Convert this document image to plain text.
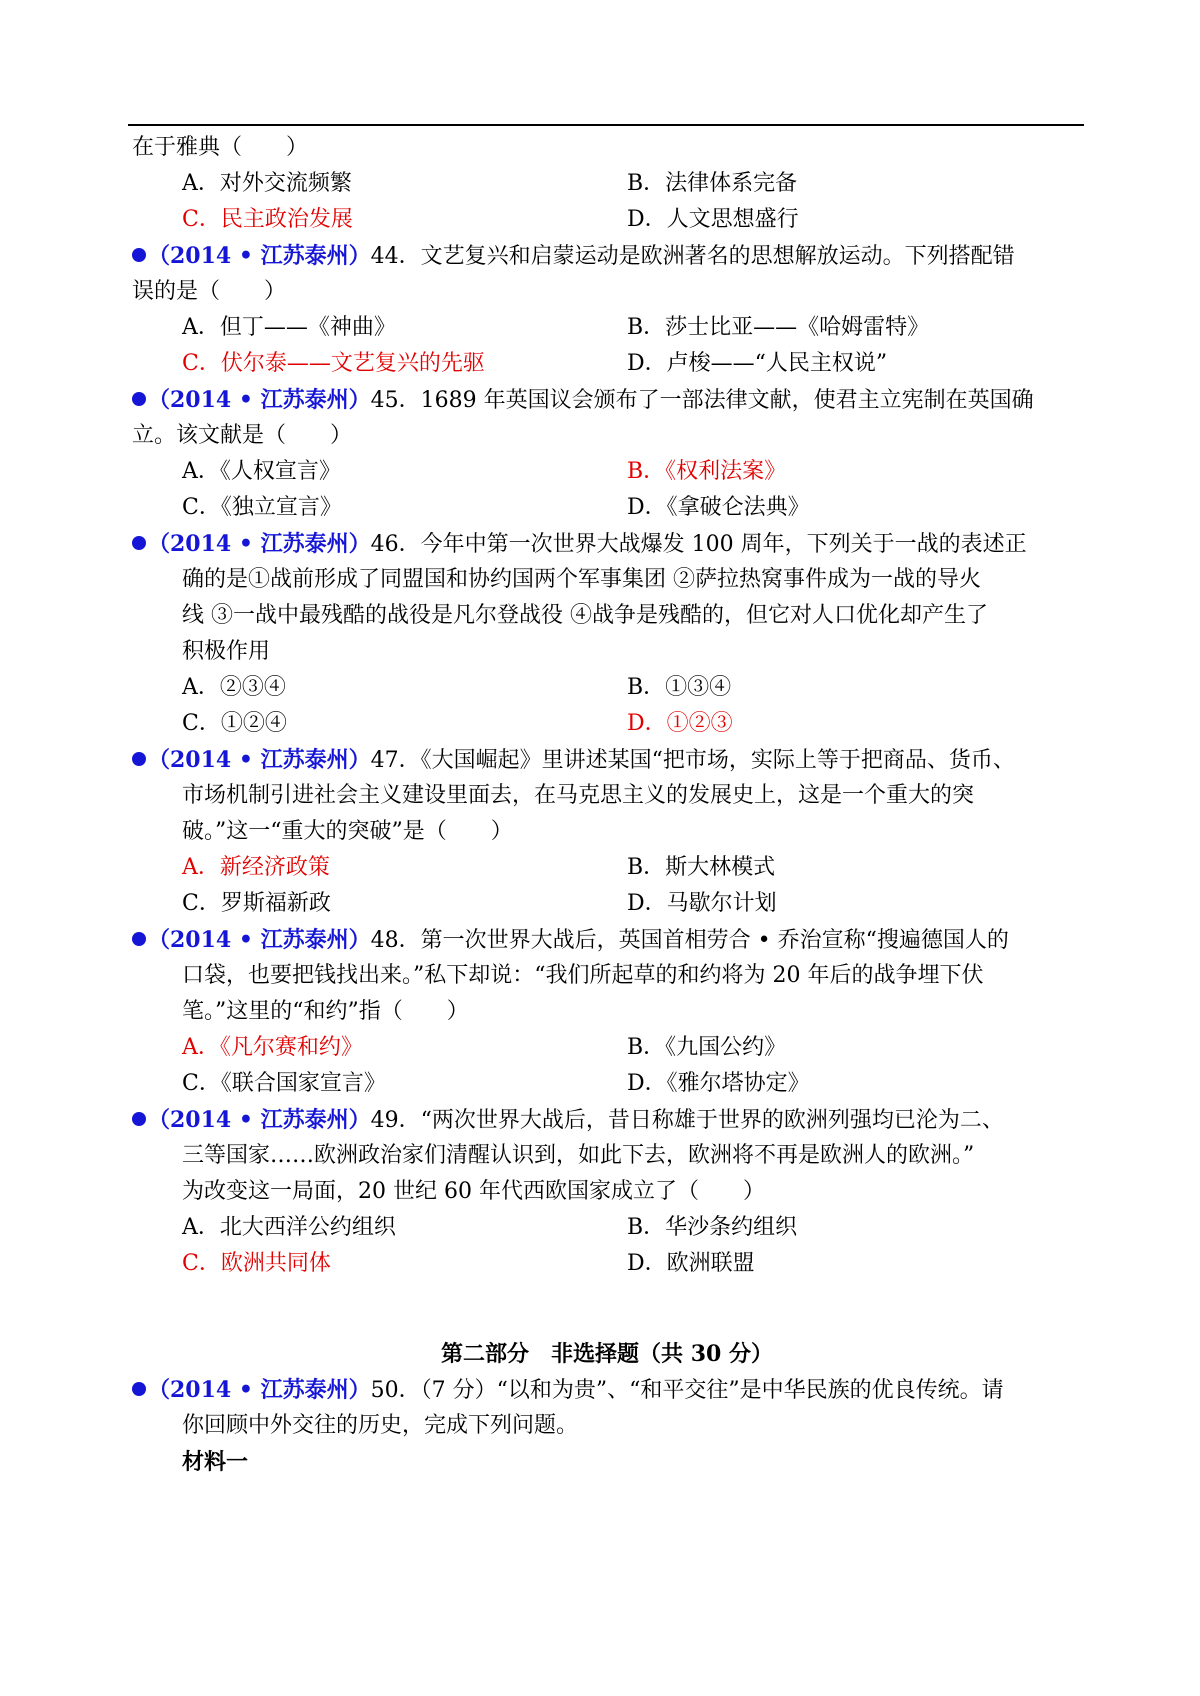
在于雅典（　　）
A．对外交流频繁	B．法律体系完备
C．民主政治发展	D．人文思想盛行
（2014 • 江苏泰州）44．文艺复兴和启蒙运动是欧洲著名的思想解放运动。下列搭配错
误的是（　　）
A．但丁——《神曲》	B．莎士比亚——《哈姆雷特》
C．伏尔泰——文艺复兴的先驱	D．卢梭——“人民主权说”
（2014 • 江苏泰州）45．1689 年英国议会颁布了一部法律文献，使君主立宪制在英国确
立。该文献是（　　）
A．《人权宣言》	B．《权利法案》
C．《独立宣言》	D．《拿破仑法典》
（2014 • 江苏泰州）46．今年中第一次世界大战爆发 100 周年，下列关于一战的表述正
确的是①战前形成了同盟国和协约国两个军事集团 ②萨拉热窝事件成为一战的导火
线 ③一战中最残酷的战役是凡尔登战役 ④战争是残酷的，但它对人口优化却产生了
积极作用
A．②③④	B．①③④
C．①②④	D．①②③
（2014 • 江苏泰州）47．《大国崛起》里讲述某国“把市场，实际上等于把商品、货币、
市场机制引进社会主义建设里面去，在马克思主义的发展史上，这是一个重大的突
破。”这一“重大的突破”是（　　）
A．新经济政策	B．斯大林模式
C．罗斯福新政	D．马歇尔计划
（2014 • 江苏泰州）48．第一次世界大战后，英国首相劳合 • 乔治宣称“搜遍德国人的
口袋，也要把钱找出来。”私下却说：“我们所起草的和约将为 20 年后的战争埋下伏
笔。”这里的“和约”指（　　）
A．《凡尔赛和约》	B．《九国公约》
C．《联合国家宣言》	D．《雅尔塔协定》
（2014 • 江苏泰州）49．“两次世界大战后，昔日称雄于世界的欧洲列强均已沦为二、
三等国家……欧洲政治家们清醒认识到，如此下去，欧洲将不再是欧洲人的欧洲。”
为改变这一局面，20 世纪 60 年代西欧国家成立了（　　）
A．北大西洋公约组织	B．华沙条约组织
C．欧洲共同体	D．欧洲联盟
第二部分　非选择题（共 30 分）
（2014 • 江苏泰州）50．（7 分）“以和为贵”、“和平交往”是中华民族的优良传统。请
你回顾中外交往的历史，完成下列问题。
材料一
